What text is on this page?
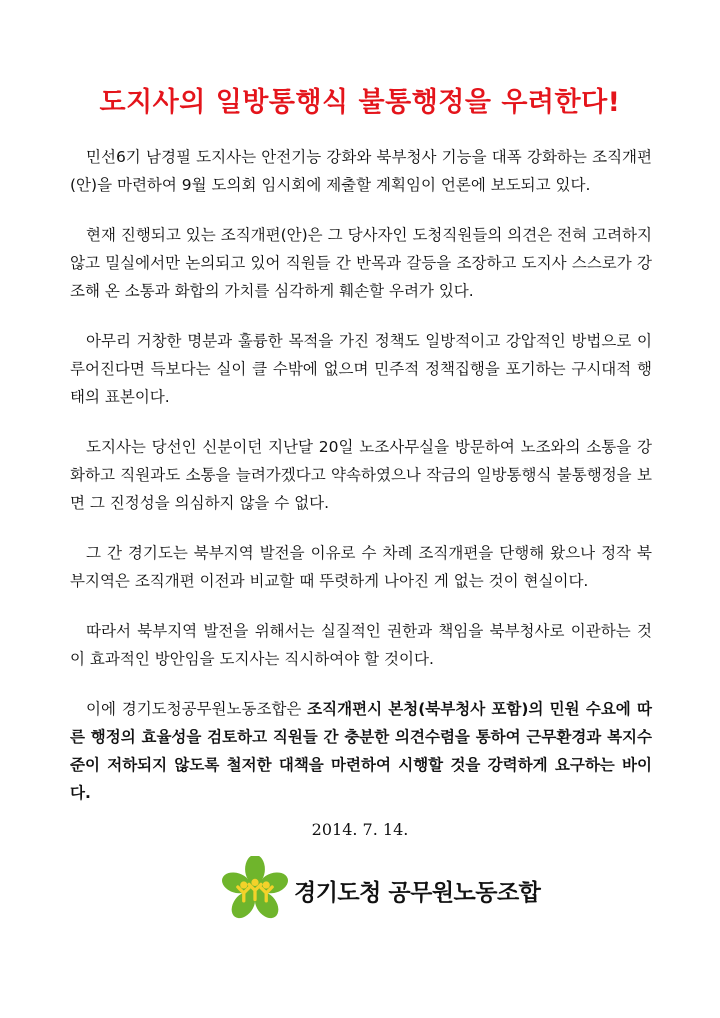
도지사의 일방통행식 불통행정을 우려한다!

민선6기 남경필 도지사는 안전기능 강화와 북부청사 기능을 대폭 강화하는 조직개편(안)을 마련하여 9월 도의회 임시회에 제출할 계획임이 언론에 보도되고 있다.

현재 진행되고 있는 조직개편(안)은 그 당사자인 도청직원들의 의견은 전혀 고려하지 않고 밀실에서만 논의되고 있어 직원들 간 반목과 갈등을 조장하고 도지사 스스로가 강조해 온 소통과 화합의 가치를 심각하게 훼손할 우려가 있다.

아무리 거창한 명분과 훌륭한 목적을 가진 정책도 일방적이고 강압적인 방법으로 이루어진다면 득보다는 실이 클 수밖에 없으며 민주적 정책집행을 포기하는 구시대적 행태의 표본이다.

도지사는 당선인 신분이던 지난달 20일 노조사무실을 방문하여 노조와의 소통을 강화하고 직원과도 소통을 늘려가겠다고 약속하였으나 작금의 일방통행식 불통행정을 보면 그 진정성을 의심하지 않을 수 없다.

그 간 경기도는 북부지역 발전을 이유로 수 차례 조직개편을 단행해 왔으나 정작 북부지역은 조직개편 이전과 비교할 때 뚜렷하게 나아진 게 없는 것이 현실이다.

따라서 북부지역 발전을 위해서는 실질적인 권한과 책임을 북부청사로 이관하는 것이 효과적인 방안임을 도지사는 직시하여야 할 것이다.

이에 경기도청공무원노동조합은 조직개편시 본청(북부청사 포함)의 민원 수요에 따른 행정의 효율성을 검토하고 직원들 간 충분한 의견수렴을 통하여 근무환경과 복지수준이 저하되지 않도록 철저한 대책을 마련하여 시행할 것을 강력하게 요구하는 바이다.

2014. 7. 14.
경기도청 공무원노동조합
